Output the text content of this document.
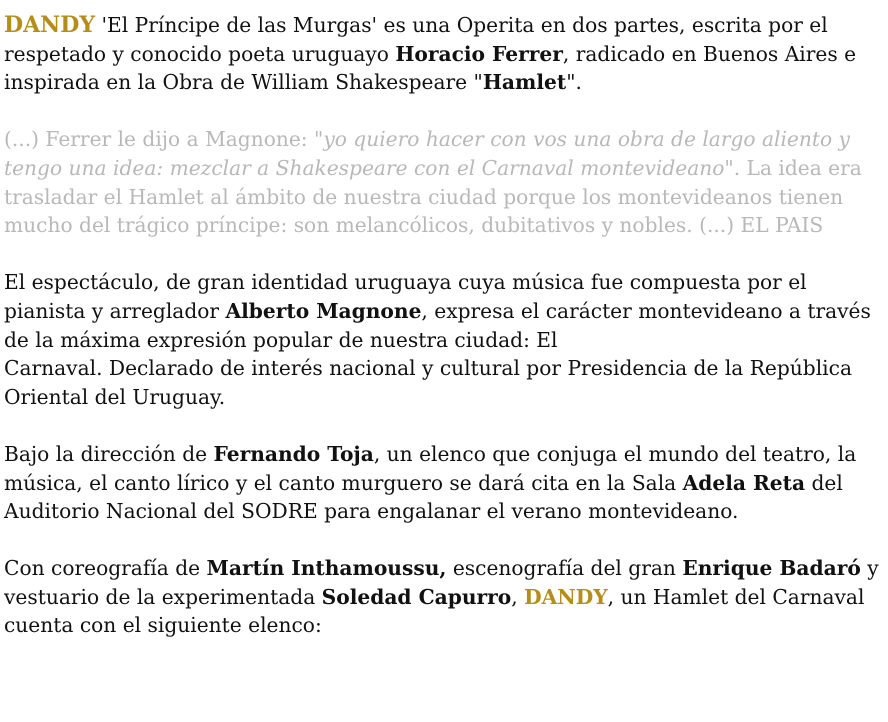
DANDY 'El Príncipe de las Murgas' es una Operita en dos partes, escrita por el respetado y conocido poeta uruguayo Horacio Ferrer, radicado en Buenos Aires e inspirada en la Obra de William Shakespeare "Hamlet".

(...) Ferrer le dijo a Magnone: "yo quiero hacer con vos una obra de largo aliento y tengo una idea: mezclar a Shakespeare con el Carnaval montevideano". La idea era trasladar el Hamlet al ámbito de nuestra ciudad porque los montevideanos tienen mucho del trágico príncipe: son melancólicos, dubitativos y nobles. (...) EL PAIS

El espectáculo, de gran identidad uruguaya cuya música fue compuesta por el pianista y arreglador Alberto Magnone, expresa el carácter montevideano a través de la máxima expresión popular de nuestra ciudad: El
Carnaval. Declarado de interés nacional y cultural por Presidencia de la República Oriental del Uruguay.

Bajo la dirección de Fernando Toja, un elenco que conjuga el mundo del teatro, la música, el canto lírico y el canto murguero se dará cita en la Sala Adela Reta del Auditorio Nacional del SODRE para engalanar el verano montevideano.

Con coreografía de Martín Inthamoussu, escenografía del gran Enrique Badaró y vestuario de la experimentada Soledad Capurro, DANDY, un Hamlet del Carnaval cuenta con el siguiente elenco:
